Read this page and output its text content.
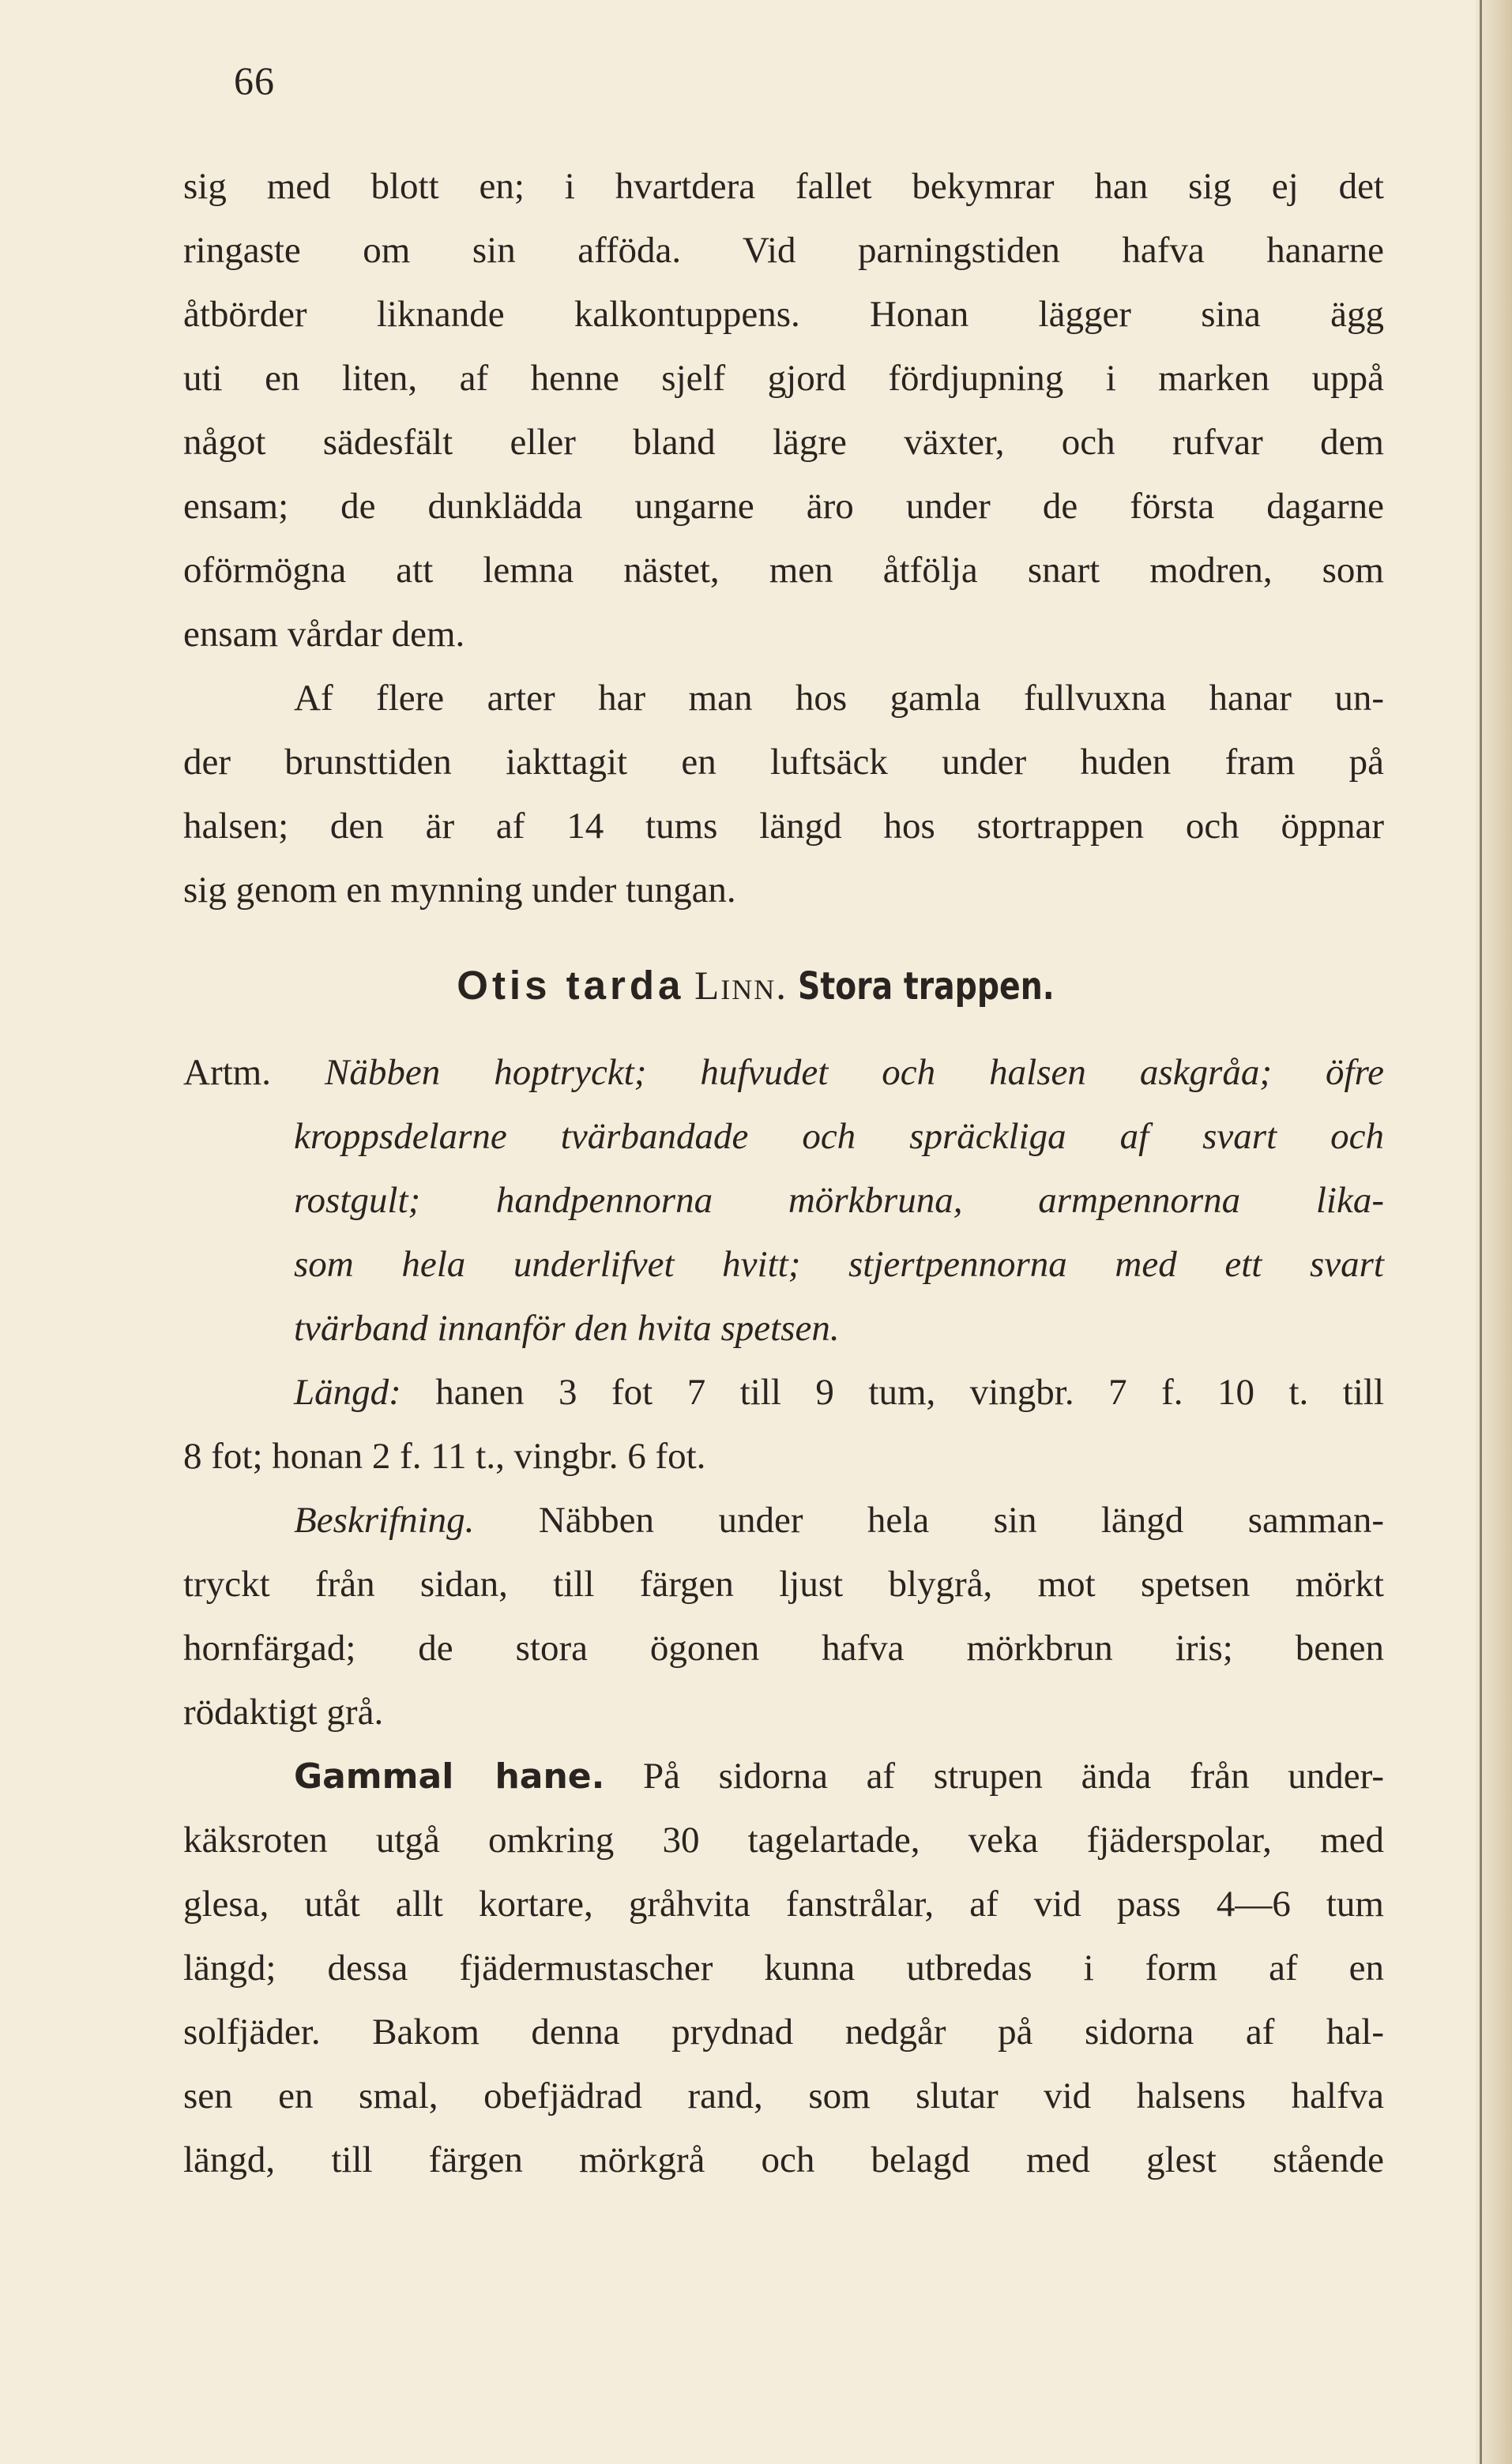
66
sig med blott en; i hvartdera fallet bekymrar han sig ej det
ringaste om sin afföda. Vid parningstiden hafva hanarne
åtbörder liknande kalkontuppens. Honan lägger sina ägg
uti en liten, af henne sjelf gjord fördjupning i marken uppå
något sädesfält eller bland lägre växter, och rufvar dem
ensam; de dunklädda ungarne äro under de första dagarne
oförmögna att lemna nästet, men åtfölja snart modren, som
ensam vårdar dem.
Af flere arter har man hos gamla fullvuxna hanar un-
der brunsttiden iakttagit en luftsäck under huden fram på
halsen; den är af 14 tums längd hos stortrappen och öppnar
sig genom en mynning under tungan.
Otis tarda Linn. Stora trappen.
Artm. Näbben hoptryckt; hufvudet och halsen askgråa; öfre
kroppsdelarne tvärbandade och spräckliga af svart och
rostgult; handpennorna mörkbruna, armpennorna lika-
som hela underlifvet hvitt; stjertpennorna med ett svart
tvärband innanför den hvita spetsen.
Längd: hanen 3 fot 7 till 9 tum, vingbr. 7 f. 10 t. till
8 fot; honan 2 f. 11 t., vingbr. 6 fot.
Beskrifning. Näbben under hela sin längd samman-
tryckt från sidan, till färgen ljust blygrå, mot spetsen mörkt
hornfärgad; de stora ögonen hafva mörkbrun iris; benen
rödaktigt grå.
Gammal hane. På sidorna af strupen ända från under-
käksroten utgå omkring 30 tagelartade, veka fjäderspolar, med
glesa, utåt allt kortare, gråhvita fanstrålar, af vid pass 4—6 tum
längd; dessa fjädermustascher kunna utbredas i form af en
solfjäder. Bakom denna prydnad nedgår på sidorna af hal-
sen en smal, obefjädrad rand, som slutar vid halsens halfva
längd, till färgen mörkgrå och belagd med glest stående
